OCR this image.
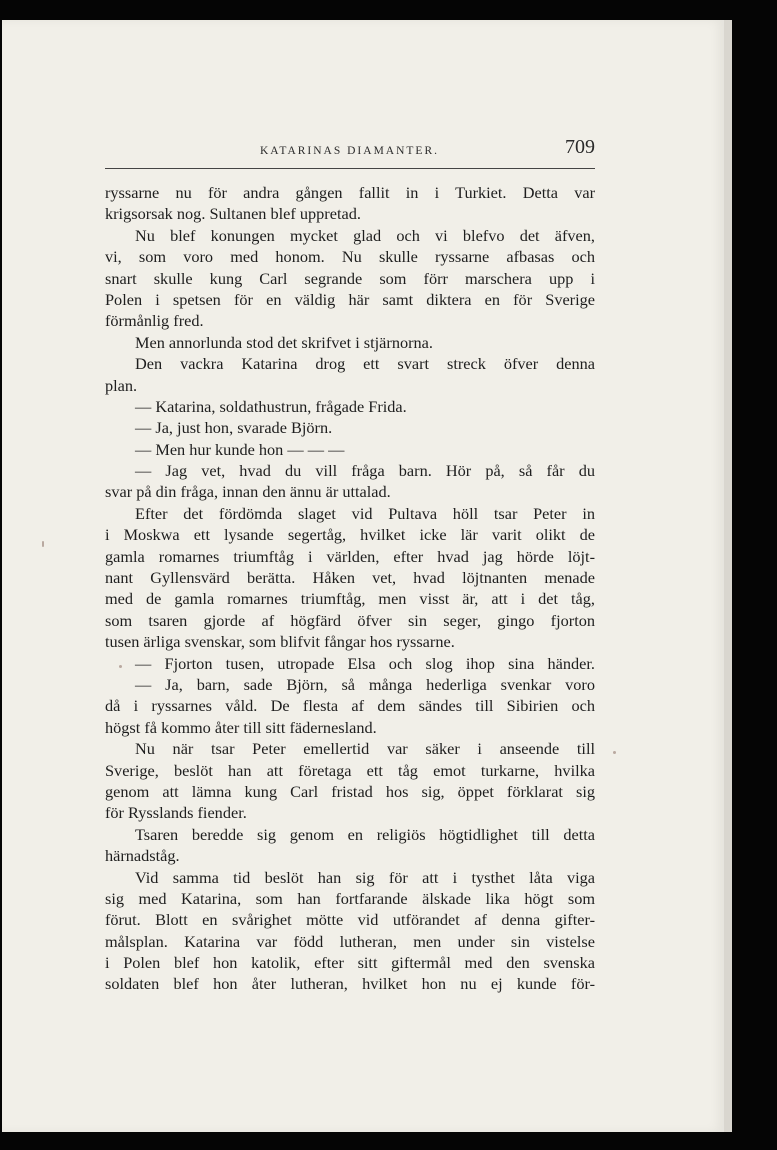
KATARINAS DIAMANTER.	709
ryssarne nu för andra gången fallit in i Turkiet. Detta var
krigsorsak nog. Sultanen blef uppretad.
Nu blef konungen mycket glad och vi blefvo det äfven,
vi, som voro med honom. Nu skulle ryssarne afbasas och
snart skulle kung Carl segrande som förr marschera upp i
Polen i spetsen för en väldig här samt diktera en för Sverige
förmånlig fred.
Men annorlunda stod det skrifvet i stjärnorna.
Den vackra Katarina drog ett svart streck öfver denna
plan.
— Katarina, soldathustrun, frågade Frida.
— Ja, just hon, svarade Björn.
— Men hur kunde hon — — —
— Jag vet, hvad du vill fråga barn. Hör på, så får du
svar på din fråga, innan den ännu är uttalad.
Efter det fördömda slaget vid Pultava höll tsar Peter in
i Moskwa ett lysande segertåg, hvilket icke lär varit olikt de
gamla romarnes triumftåg i världen, efter hvad jag hörde löjt-
nant Gyllensvärd berätta. Håken vet, hvad löjtnanten menade
med de gamla romarnes triumftåg, men visst är, att i det tåg,
som tsaren gjorde af högfärd öfver sin seger, gingo fjorton
tusen ärliga svenskar, som blifvit fångar hos ryssarne.
— Fjorton tusen, utropade Elsa och slog ihop sina händer.
— Ja, barn, sade Björn, så många hederliga svenkar voro
då i ryssarnes våld. De flesta af dem sändes till Sibirien och
högst få kommo åter till sitt fädernesland.
Nu när tsar Peter emellertid var säker i anseende till
Sverige, beslöt han att företaga ett tåg emot turkarne, hvilka
genom att lämna kung Carl fristad hos sig, öppet förklarat sig
för Rysslands fiender.
Tsaren beredde sig genom en religiös högtidlighet till detta
härnadståg.
Vid samma tid beslöt han sig för att i tysthet låta viga
sig med Katarina, som han fortfarande älskade lika högt som
förut. Blott en svårighet mötte vid utförandet af denna gifter-
målsplan. Katarina var född lutheran, men under sin vistelse
i Polen blef hon katolik, efter sitt giftermål med den svenska
soldaten blef hon åter lutheran, hvilket hon nu ej kunde för-
